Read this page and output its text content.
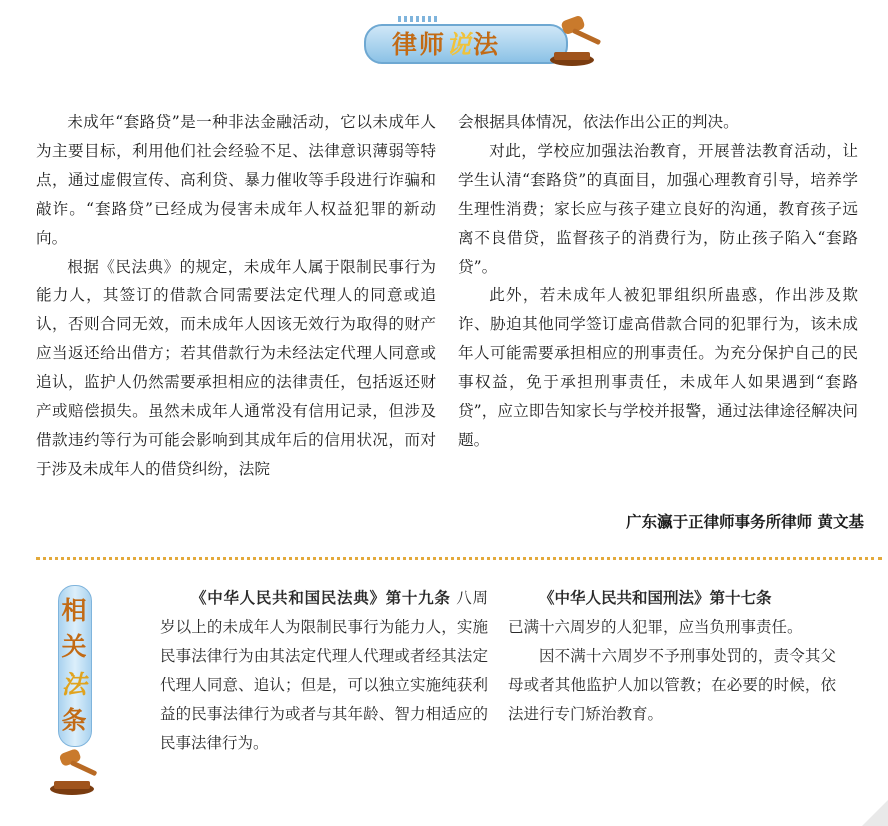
律师说法

未成年“套路贷”是一种非法金融活动，它以未成年人为主要目标，利用他们社会经验不足、法律意识薄弱等特点，通过虚假宣传、高利贷、暴力催收等手段进行诈骗和敲诈。“套路贷”已经成为侵害未成年人权益犯罪的新动向。

根据《民法典》的规定，未成年人属于限制民事行为能力人，其签订的借款合同需要法定代理人的同意或追认，否则合同无效，而未成年人因该无效行为取得的财产应当返还给出借方；若其借款行为未经法定代理人同意或追认，监护人仍然需要承担相应的法律责任，包括返还财产或赔偿损失。虽然未成年人通常没有信用记录，但涉及借款违约等行为可能会影响到其成年后的信用状况，而对于涉及未成年人的借贷纠纷，法院

会根据具体情况，依法作出公正的判决。

对此，学校应加强法治教育，开展普法教育活动，让学生认清“套路贷”的真面目，加强心理教育引导，培养学生理性消费；家长应与孩子建立良好的沟通，教育孩子远离不良借贷，监督孩子的消费行为，防止孩子陷入“套路贷”。

此外，若未成年人被犯罪组织所蛊惑，作出涉及欺诈、胁迫其他同学签订虚高借款合同的犯罪行为，该未成年人可能需要承担相应的刑事责任。为充分保护自己的民事权益，免于承担刑事责任，未成年人如果遇到“套路贷”，应立即告知家长与学校并报警，通过法律途径解决问题。

广东瀛于正律师事务所律师 黄文基
相
关
法
条

《中华人民共和国民法典》第十九条 八周岁以上的未成年人为限制民事行为能力人，实施民事法律行为由其法定代理人代理或者经其法定代理人同意、追认；但是，可以独立实施纯获利益的民事法律行为或者与其年龄、智力相适应的民事法律行为。

《中华人民共和国刑法》第十七条

已满十六周岁的人犯罪，应当负刑事责任。

因不满十六周岁不予刑事处罚的，责令其父母或者其他监护人加以管教；在必要的时候，依法进行专门矫治教育。
